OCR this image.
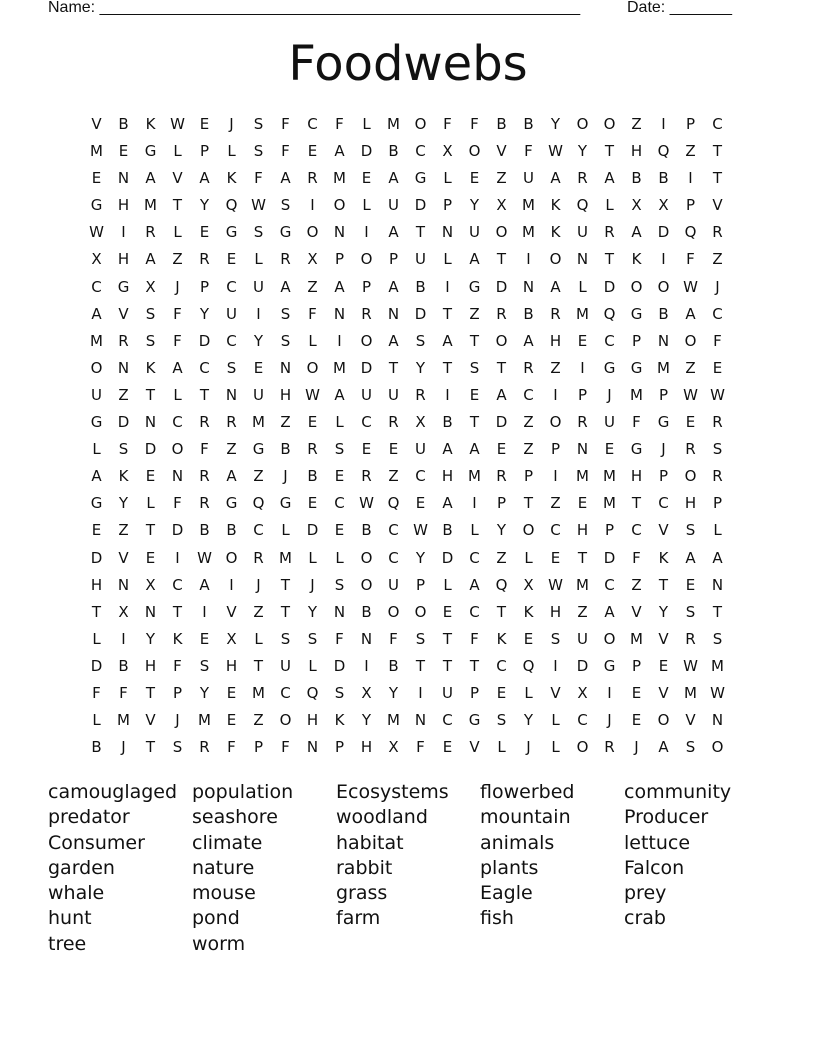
Name: ______________________________________________________	Date: _______
Foodwebs
V	B	K W E	J	S	F	C	F	L	M O	F	F	B	B	Y	O	O	Z	I	P	C
M	E	G	L	P	L	S	F	E	A	D	B	C	X	O	V	F	W Y	T	H	Q	Z	T
E	N	A	V	A	K	F	A	R	M	E	A	G	L	E	Z	U	A	R	A	B	B	I	T
G	H M	T	Y	Q W S	I	O	L	U	D	P	Y	X	M	K	Q	L	X	X	P	V
W	I	R	L	E	G	S	G	O	N	I	A	T	N	U	O M	K	U	R	A	D	Q	R
X	H	A	Z	R	E	L	R	X	P	O	P	U	L	A	T	I	O	N	T	K	I	F	Z
C	G	X	J	P	C	U	A	Z	A	P	A	B	I	G	D	N	A	L	D	O	O W	J
A	V	S	F	Y	U	I	S	F	N	R	N	D	T	Z	R	B	R	M Q	G	B	A	C
M	R	S	F	D	C	Y	S	L	I	O	A	S	A	T	O	A	H	E	C	P	N	O	F
O	N	K	A	C	S	E	N	O M D	T	Y	T	S	T	R	Z	I	G	G M	Z	E
U	Z	T	L	T	N	U	H W A	U	U	R	I	E	A	C	I	P	J	M	P	W W
G	D	N	C	R	R	M	Z	E	L	C	R	X	B	T	D	Z	O	R	U	F	G	E	R
L	S	D	O	F	Z	G	B	R	S	E	E	U	A	A	E	Z	P	N	E	G	J	R	S
A	K	E	N	R	A	Z	J	B	E	R	Z	C	H M	R	P	I	M M H	P	O	R
G	Y	L	F	R	G	Q	G	E	C W Q	E	A	I	P	T	Z	E	M	T	C	H	P
E	Z	T	D	B	B	C	L	D	E	B	C W B	L	Y	O	C	H	P	C	V	S	L
D	V	E	I	W O	R	M	L	L	O	C	Y	D	C	Z	L	E	T	D	F	K	A	A
H	N	X	C	A	I	J	T	J	S	O	U	P	L	A	Q	X W M	C	Z	T	E	N
T	X	N	T	I	V	Z	T	Y	N	B	O	O	E	C	T	K	H	Z	A	V	Y	S	T
L	I	Y	K	E	X	L	S	S	F	N	F	S	T	F	K	E	S	U	O M	V	R	S
D	B	H	F	S	H	T	U	L	D	I	B	T	T	T	C	Q	I	D	G	P	E W M
F	F	T	P	Y	E	M	C	Q	S	X	Y	I	U	P	E	L	V	X	I	E	V	M W
L	M	V	J	M	E	Z	O	H	K	Y	M N	C	G	S	Y	L	C	J	E	O	V	N
B	J	T	S	R	F	P	F	N	P	H	X	F	E	V	L	J	L	O	R	J	A	S	O
camouglaged population	Ecosystems	flowerbed	community
predator	seashore	woodland	mountain	Producer
Consumer	climate	habitat	animals	lettuce
garden	nature	rabbit	plants	Falcon
whale	mouse	grass	Eagle	prey
hunt	pond	farm	fish	crab
tree	worm
